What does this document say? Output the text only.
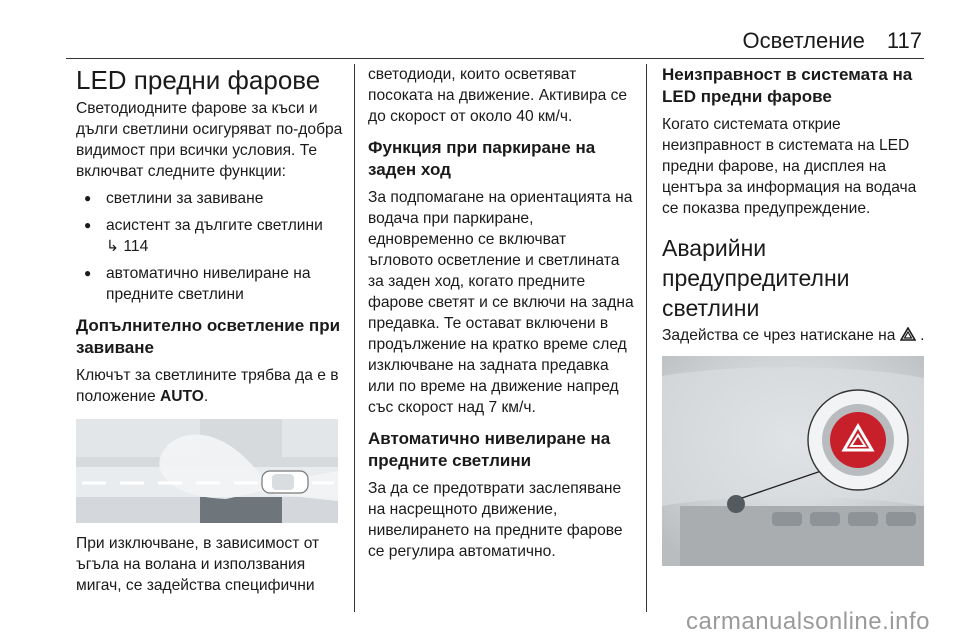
Осветление 117
LED предни фарове

Светодиодните фарове за къси и дълги светлини осигуряват по-добра видимост при всички условия. Те включват следните функции:

● светлини за завиване
● асистент за дългите светлини
↳ 114
● автоматично нивелиране на предните светлини
Допълнително осветление при завиване

Ключът за светлините трябва да е в положение AUTO.

При изключване, в зависимост от ъгъла на волана и използвания мигач, се задейства специфични

светодиоди, които осветяват посоката на движение. Активира се до скорост от около 40 км/ч.

Функция при паркиране на заден ход

За подпомагане на ориентацията на водача при паркиране, едновременно се включват ъгловото осветление и светлината за заден ход, когато предните фарове светят и се включи на задна предавка. Те остават включени в продължение на кратко време след изключване на задната предавка или по време на движение напред със скорост над 7 км/ч.

Автоматично нивелиране на предните светлини

За да се предотврати заслепяване на насрещното движение, нивелирането на предните фарове се регулира автоматично.

Неизправност в системата на LED предни фарове

Когато системата открие неизправност в системата на LED предни фарове, на дисплея на центъра за информация на водача се показва предупреждение.

Аварийни предупредителни светлини

Задейства се чрез натискане на .

carmanualsonline.info
